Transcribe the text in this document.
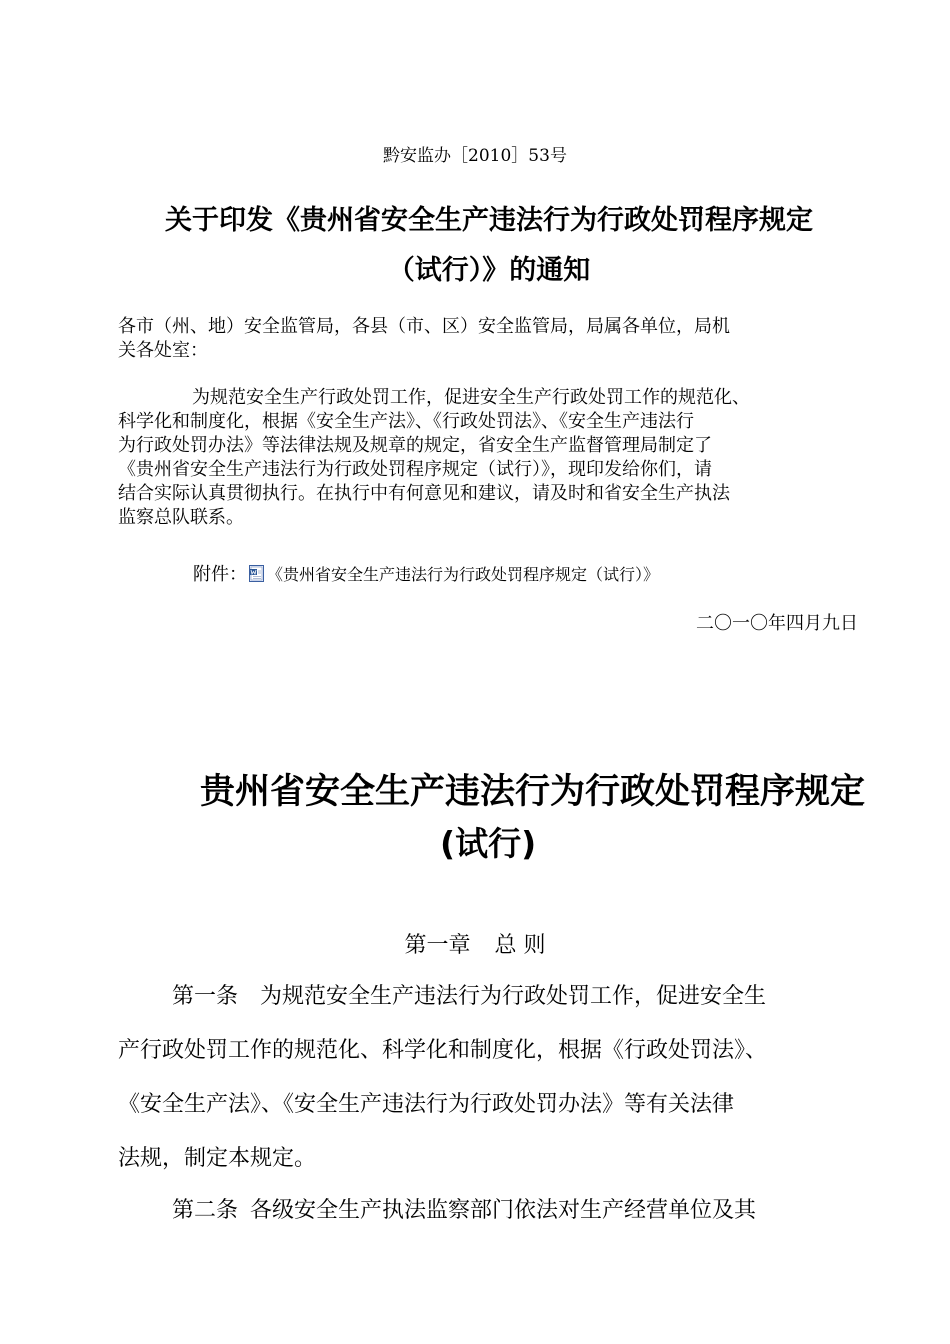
黔安监办［2010］53号
关于印发《贵州省安全生产违法行为行政处罚程序规定
（试行）》的通知
各市（州、地）安全监管局，各县（市、区）安全监管局，局属各单位，局机
关各处室：
为规范安全生产行政处罚工作，促进安全生产行政处罚工作的规范化、
科学化和制度化，根据《安全生产法》、《行政处罚法》、《安全生产违法行
为行政处罚办法》等法律法规及规章的规定，省安全生产监督管理局制定了
《贵州省安全生产违法行为行政处罚程序规定（试行）》，现印发给你们，请
结合实际认真贯彻执行。在执行中有何意见和建议，请及时和省安全生产执法
监察总队联系。
附件： 《贵州省安全生产违法行为行政处罚程序规定（试行）》
二〇一〇年四月九日
贵州省安全生产违法行为行政处罚程序规定
(试行)
第一章 总 则
第一条 为规范安全生产违法行为行政处罚工作，促进安全生
产行政处罚工作的规范化、科学化和制度化，根据《行政处罚法》、
《安全生产法》、《安全生产违法行为行政处罚办法》等有关法律
法规，制定本规定。
第二条 各级安全生产执法监察部门依法对生产经营单位及其
